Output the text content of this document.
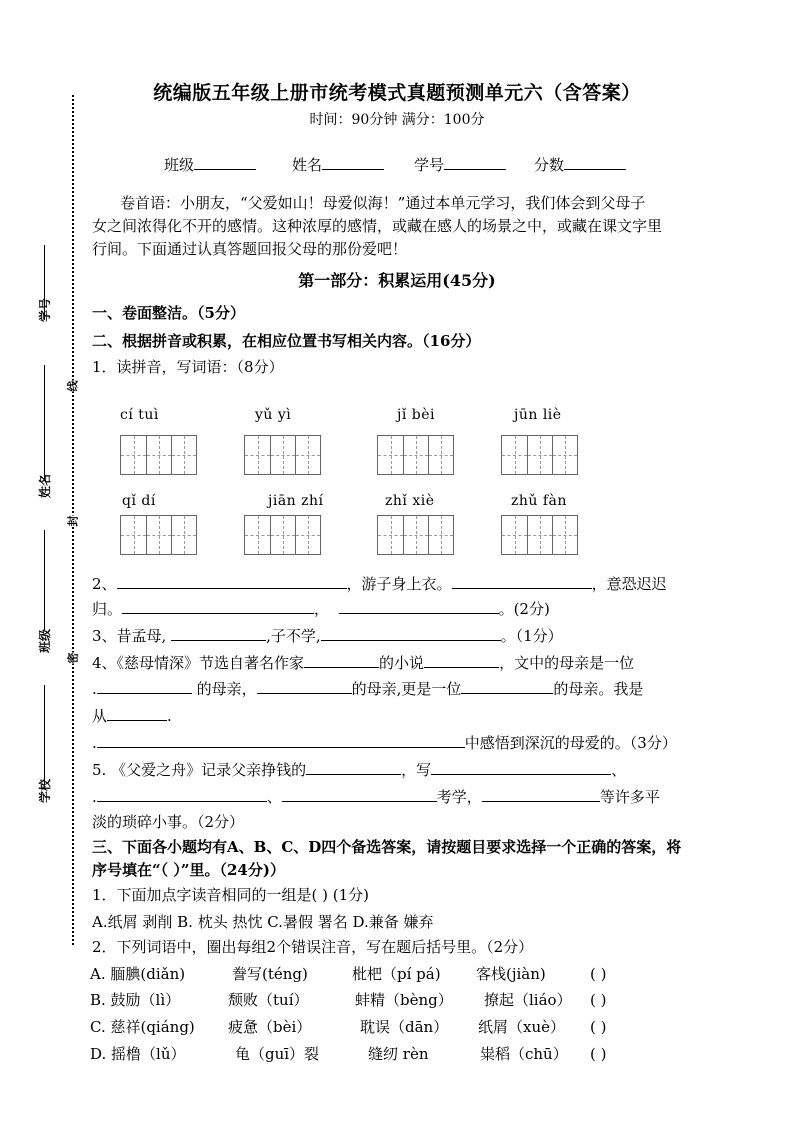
学号
姓名
班级
学校
线
封
密
统编版五年级上册市统考模式真题预测单元六（含答案）
时间：90分钟 满分：100分
班级	姓名	学号	分数
卷首语：小朋友，“父爱如山！母爱似海！”通过本单元学习，我们体会到父母子
女之间浓得化不开的感情。这种浓厚的感情，或藏在感人的场景之中，或藏在课文字里
行间。下面通过认真答题回报父母的那份爱吧！
第一部分：积累运用(45分)
一、卷面整洁。（5分）
二、根据拼音或积累，在相应位置书写相关内容。（16分）
1．读拼音，写词语：（8分）
cí tuì	yǔ yì	jǐ bèi	jūn liè
qǐ dí	jiān zhí	zhǐ xiè	zhǔ fàn
2、	，游子身上衣。	，意恐迟迟
归。	，	。(2分)
3、昔孟母,	,子不学,	。（1分）
4、《慈母情深》节选自著名作家	的小说	，文中的母亲是一位
.	的母亲，	的母亲,更是一位	的母亲。我是
从	.
.	中感悟到深沉的母爱的。（3分）
5. 《父爱之舟》记录父亲挣钱的	，写	、
.	、	考学，	等许多平
淡的琐碎小事。（2分）
三、下面各小题均有A、B、C、D四个备选答案，请按题目要求选择一个正确的答案，将
序号填在“（ ）”里。（24分)）
1．下面加点字读音相同的一组是( ) (1分)
A.纸屑 剥削 B. 枕头 热忱 C.暑假 署名 D.兼备 嫌弃
2．下列词语中，圈出每组2个错误注音，写在题后括号里。（2分）
A. 腼腆(diǎn)	誊写(téng)	枇杷（pí pá) 客栈(jiàn)	( )
B. 鼓励（lì）	颓败（tuí）	蚌精（bèng） 撩起（liáo） ( )
C. 慈祥(qiáng) 疲惫（bèi）	耽误（dān） 纸屑（xuè） ( )
D. 摇橹（lǔ）	龟（guī）裂	缝纫 rèn	粜稻（chū） ( )
